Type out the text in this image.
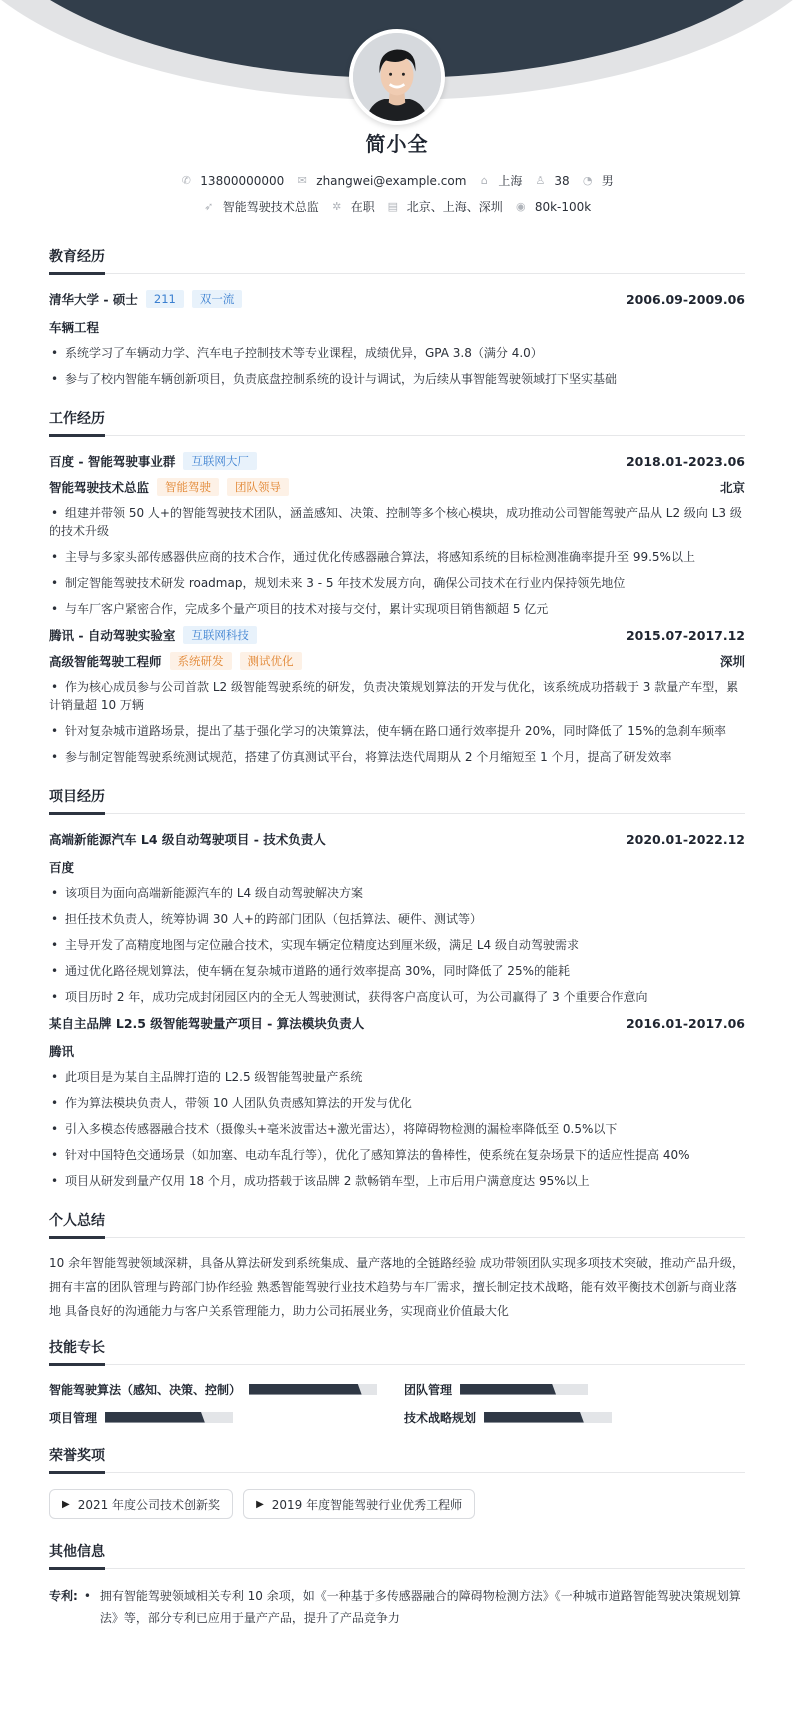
简小全
✆ 13800000000 ✉ zhangwei@example.com ⌂ 上海 ♙ 38 ◔ 男
➶ 智能驾驶技术总监 ✲ 在职 ▤ 北京、上海、深圳 ◉ 80k-100k
教育经历
清华大学 - 硕士	211	双一流	2006.09-2009.06
车辆工程
• 系统学习了车辆动力学、汽车电子控制技术等专业课程，成绩优异，GPA 3.8（满分 4.0）
• 参与了校内智能车辆创新项目，负责底盘控制系统的设计与调试，为后续从事智能驾驶领域打下坚实基础
工作经历
百度 - 智能驾驶事业群	互联网大厂	2018.01-2023.06
智能驾驶技术总监	智能驾驶	团队领导	北京
• 组建并带领 50 人+的智能驾驶技术团队，涵盖感知、决策、控制等多个核心模块，成功推动公司智能驾驶产品从 L2 级向 L3 级的技术升级
• 主导与多家头部传感器供应商的技术合作，通过优化传感器融合算法，将感知系统的目标检测准确率提升至 99.5%以上
• 制定智能驾驶技术研发 roadmap，规划未来 3 - 5 年技术发展方向，确保公司技术在行业内保持领先地位
• 与车厂客户紧密合作，完成多个量产项目的技术对接与交付，累计实现项目销售额超 5 亿元
腾讯 - 自动驾驶实验室	互联网科技	2015.07-2017.12
高级智能驾驶工程师	系统研发	测试优化	深圳
• 作为核心成员参与公司首款 L2 级智能驾驶系统的研发，负责决策规划算法的开发与优化，该系统成功搭载于 3 款量产车型，累计销量超 10 万辆
• 针对复杂城市道路场景，提出了基于强化学习的决策算法，使车辆在路口通行效率提升 20%，同时降低了 15%的急刹车频率
• 参与制定智能驾驶系统测试规范，搭建了仿真测试平台，将算法迭代周期从 2 个月缩短至 1 个月，提高了研发效率
项目经历
高端新能源汽车 L4 级自动驾驶项目 - 技术负责人	2020.01-2022.12
百度
• 该项目为面向高端新能源汽车的 L4 级自动驾驶解决方案
• 担任技术负责人，统筹协调 30 人+的跨部门团队（包括算法、硬件、测试等）
• 主导开发了高精度地图与定位融合技术，实现车辆定位精度达到厘米级，满足 L4 级自动驾驶需求
• 通过优化路径规划算法，使车辆在复杂城市道路的通行效率提高 30%，同时降低了 25%的能耗
• 项目历时 2 年，成功完成封闭园区内的全无人驾驶测试，获得客户高度认可，为公司赢得了 3 个重要合作意向
某自主品牌 L2.5 级智能驾驶量产项目 - 算法模块负责人	2016.01-2017.06
腾讯
• 此项目是为某自主品牌打造的 L2.5 级智能驾驶量产系统
• 作为算法模块负责人，带领 10 人团队负责感知算法的开发与优化
• 引入多模态传感器融合技术（摄像头+毫米波雷达+激光雷达），将障碍物检测的漏检率降低至 0.5%以下
• 针对中国特色交通场景（如加塞、电动车乱行等），优化了感知算法的鲁棒性，使系统在复杂场景下的适应性提高 40%
• 项目从研发到量产仅用 18 个月，成功搭载于该品牌 2 款畅销车型，上市后用户满意度达 95%以上
个人总结
10 余年智能驾驶领域深耕，具备从算法研发到系统集成、量产落地的全链路经验 成功带领团队实现多项技术突破，推动产品升级，拥有丰富的团队管理与跨部门协作经验 熟悉智能驾驶行业技术趋势与车厂需求，擅长制定技术战略，能有效平衡技术创新与商业落地 具备良好的沟通能力与客户关系管理能力，助力公司拓展业务，实现商业价值最大化
技能专长
智能驾驶算法（感知、决策、控制）	团队管理
项目管理	技术战略规划
荣誉奖项
▶ 2021 年度公司技术创新奖	▶ 2019 年度智能驾驶行业优秀工程师
其他信息
专利:	• 拥有智能驾驶领域相关专利 10 余项，如《一种基于多传感器融合的障碍物检测方法》《一种城市道路智能驾驶决策规划算法》等，部分专利已应用于量产产品，提升了产品竞争力
